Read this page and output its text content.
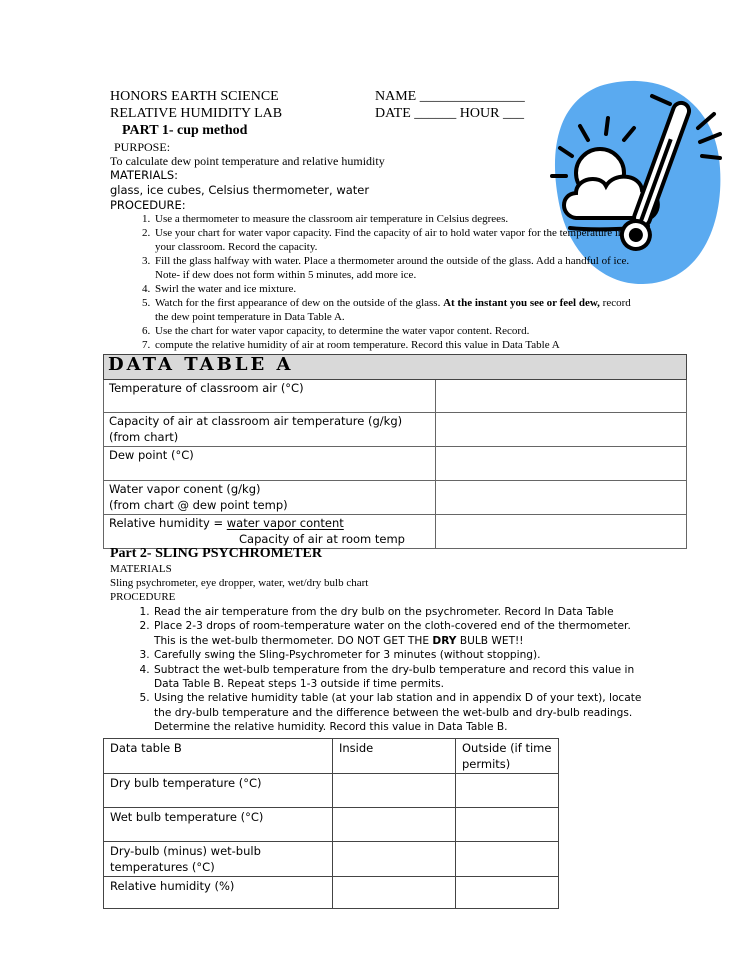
HONORS EARTH SCIENCE
RELATIVE HUMIDITY LAB
NAME _______________
DATE ______ HOUR ___
PART 1- cup method
PURPOSE:
To calculate dew point temperature and relative humidity
MATERIALS:
glass, ice cubes, Celsius thermometer, water
PROCEDURE:
1. Use a thermometer to measure the classroom air temperature in Celsius degrees.
2. Use your chart for water vapor capacity. Find the capacity of air to hold water vapor for the temperature in your classroom. Record the capacity.
3. Fill the glass halfway with water. Place a thermometer around the outside of the glass. Add a handful of ice. Note- if dew does not form within 5 minutes, add more ice.
4. Swirl the water and ice mixture.
5. Watch for the first appearance of dew on the outside of the glass. At the instant you see or feel dew, record the dew point temperature in Data Table A.
6. Use the chart for water vapor capacity, to determine the water vapor content. Record.
7. compute the relative humidity of air at room temperature. Record this value in Data Table A
DATA TABLE A	
Temperature of classroom air (°C)	
Capacity of air at classroom air temperature (g/kg)
(from chart)	
Dew point (°C)	
Water vapor conent (g/kg)
(from chart @ dew point temp)	
Relative humidity = water vapor content
Capacity of air at room temp	
Part 2- SLING PSYCHROMETER
MATERIALS
Sling psychrometer, eye dropper, water, wet/dry bulb chart
PROCEDURE
1. Read the air temperature from the dry bulb on the psychrometer. Record In Data Table
2. Place 2-3 drops of room-temperature water on the cloth-covered end of the thermometer. This is the wet-bulb thermometer. DO NOT GET THE DRY BULB WET!!
3. Carefully swing the Sling-Psychrometer for 3 minutes (without stopping).
4. Subtract the wet-bulb temperature from the dry-bulb temperature and record this value in Data Table B. Repeat steps 1-3 outside if time permits.
5. Using the relative humidity table (at your lab station and in appendix D of your text), locate the dry-bulb temperature and the difference between the wet-bulb and dry-bulb readings. Determine the relative humidity. Record this value in Data Table B.
Data table B	Inside	Outside (if time permits)
Dry bulb temperature (°C)		
Wet bulb temperature (°C)		
Dry-bulb (minus) wet-bulb temperatures (°C)		
Relative humidity (%)		
